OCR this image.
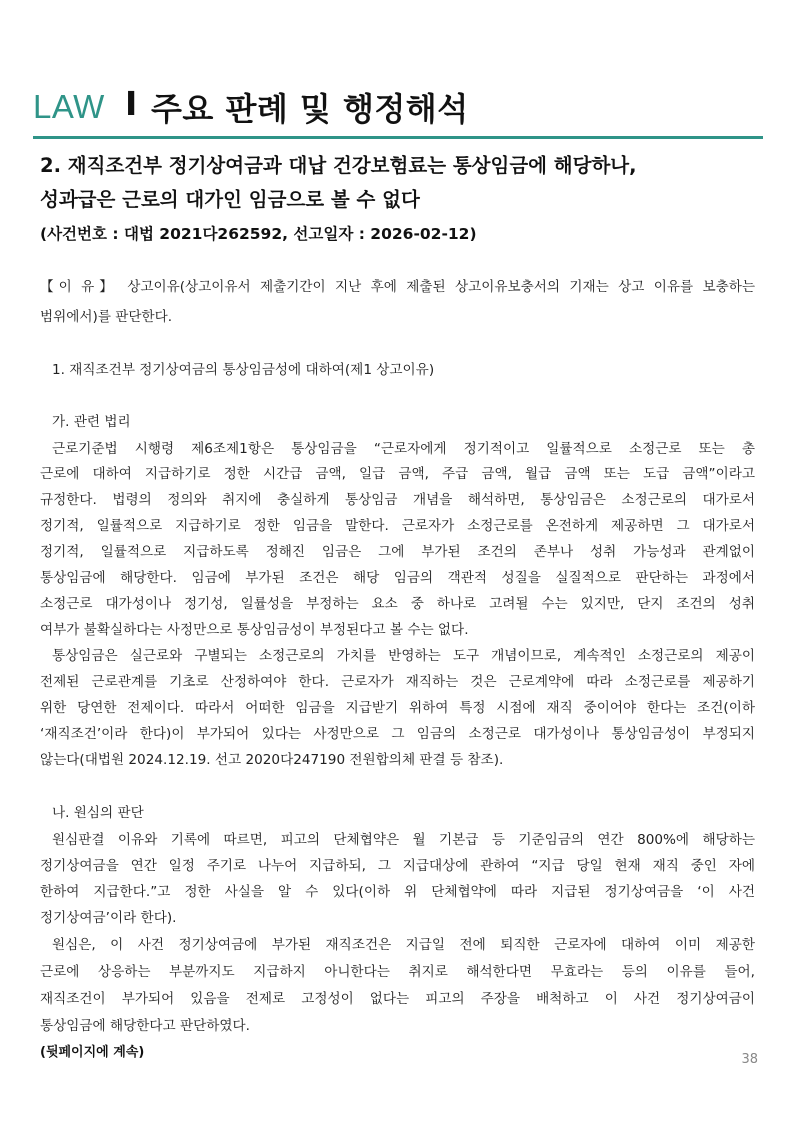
LAW I 주요 판례 및 행정해석
2. 재직조건부 정기상여금과 대납 건강보험료는 통상임금에 해당하나,
성과급은 근로의 대가인 임금으로 볼 수 없다
(사건번호 : 대법 2021다262592, 선고일자 : 2026-02-12)
【이 유】 상고이유(상고이유서 제출기간이 지난 후에 제출된 상고이유보충서의 기재는 상고 이유를 보충하는
범위에서)를 판단한다.
1. 재직조건부 정기상여금의 통상임금성에 대하여(제1 상고이유)
가. 관련 법리
근로기준법 시행령 제6조제1항은 통상임금을 “근로자에게 정기적이고 일률적으로 소정근로 또는 총
근로에 대하여 지급하기로 정한 시간급 금액, 일급 금액, 주급 금액, 월급 금액 또는 도급 금액”이라고
규정한다. 법령의 정의와 취지에 충실하게 통상임금 개념을 해석하면, 통상임금은 소정근로의 대가로서
정기적, 일률적으로 지급하기로 정한 임금을 말한다. 근로자가 소정근로를 온전하게 제공하면 그 대가로서
정기적, 일률적으로 지급하도록 정해진 임금은 그에 부가된 조건의 존부나 성취 가능성과 관계없이
통상임금에 해당한다. 임금에 부가된 조건은 해당 임금의 객관적 성질을 실질적으로 판단하는 과정에서
소정근로 대가성이나 정기성, 일률성을 부정하는 요소 중 하나로 고려될 수는 있지만, 단지 조건의 성취
여부가 불확실하다는 사정만으로 통상임금성이 부정된다고 볼 수는 없다.
통상임금은 실근로와 구별되는 소정근로의 가치를 반영하는 도구 개념이므로, 계속적인 소정근로의 제공이
전제된 근로관계를 기초로 산정하여야 한다. 근로자가 재직하는 것은 근로계약에 따라 소정근로를 제공하기
위한 당연한 전제이다. 따라서 어떠한 임금을 지급받기 위하여 특정 시점에 재직 중이어야 한다는 조건(이하
‘재직조건’이라 한다)이 부가되어 있다는 사정만으로 그 임금의 소정근로 대가성이나 통상임금성이 부정되지
않는다(대법원 2024.12.19. 선고 2020다247190 전원합의체 판결 등 참조).
나. 원심의 판단
원심판결 이유와 기록에 따르면, 피고의 단체협약은 월 기본급 등 기준임금의 연간 800%에 해당하는
정기상여금을 연간 일정 주기로 나누어 지급하되, 그 지급대상에 관하여 “지급 당일 현재 재직 중인 자에
한하여 지급한다.”고 정한 사실을 알 수 있다(이하 위 단체협약에 따라 지급된 정기상여금을 ‘이 사건
정기상여금’이라 한다).
원심은, 이 사건 정기상여금에 부가된 재직조건은 지급일 전에 퇴직한 근로자에 대하여 이미 제공한
근로에 상응하는 부분까지도 지급하지 아니한다는 취지로 해석한다면 무효라는 등의 이유를 들어,
재직조건이 부가되어 있음을 전제로 고정성이 없다는 피고의 주장을 배척하고 이 사건 정기상여금이
통상임금에 해당한다고 판단하였다.
(뒷페이지에 계속)	38
